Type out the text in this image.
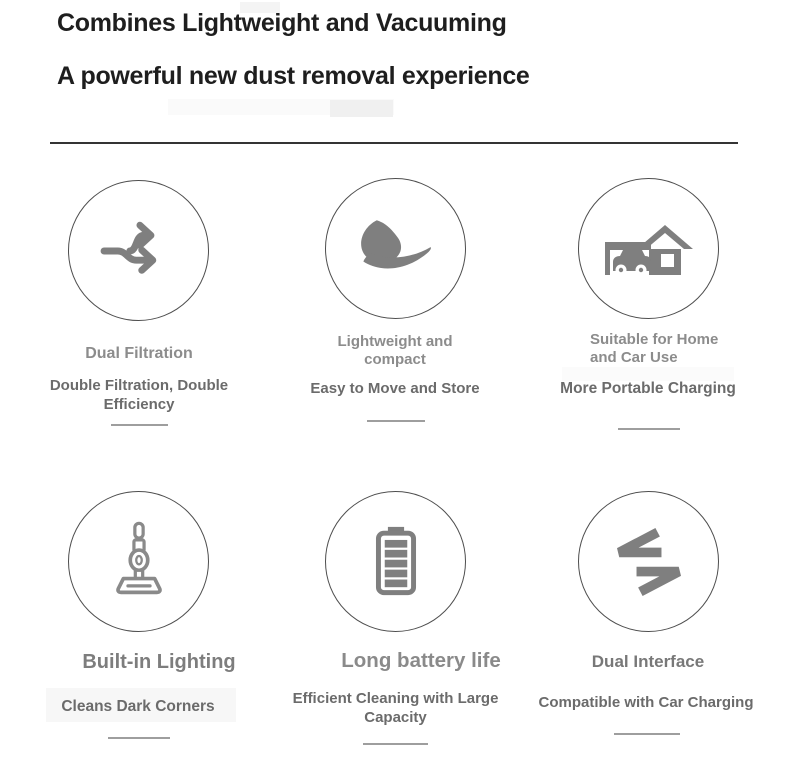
Combines Lightweight and Vacuuming
A powerful new dust removal experience
Dual Filtration
Double Filtration, Double Efficiency
Lightweight and compact
Easy to Move and Store
Suitable for Home and Car Use
More Portable Charging
Built-in Lighting
Cleans Dark Corners
Long battery life
Efficient Cleaning with Large Capacity
Dual Interface
Compatible with Car Charging
